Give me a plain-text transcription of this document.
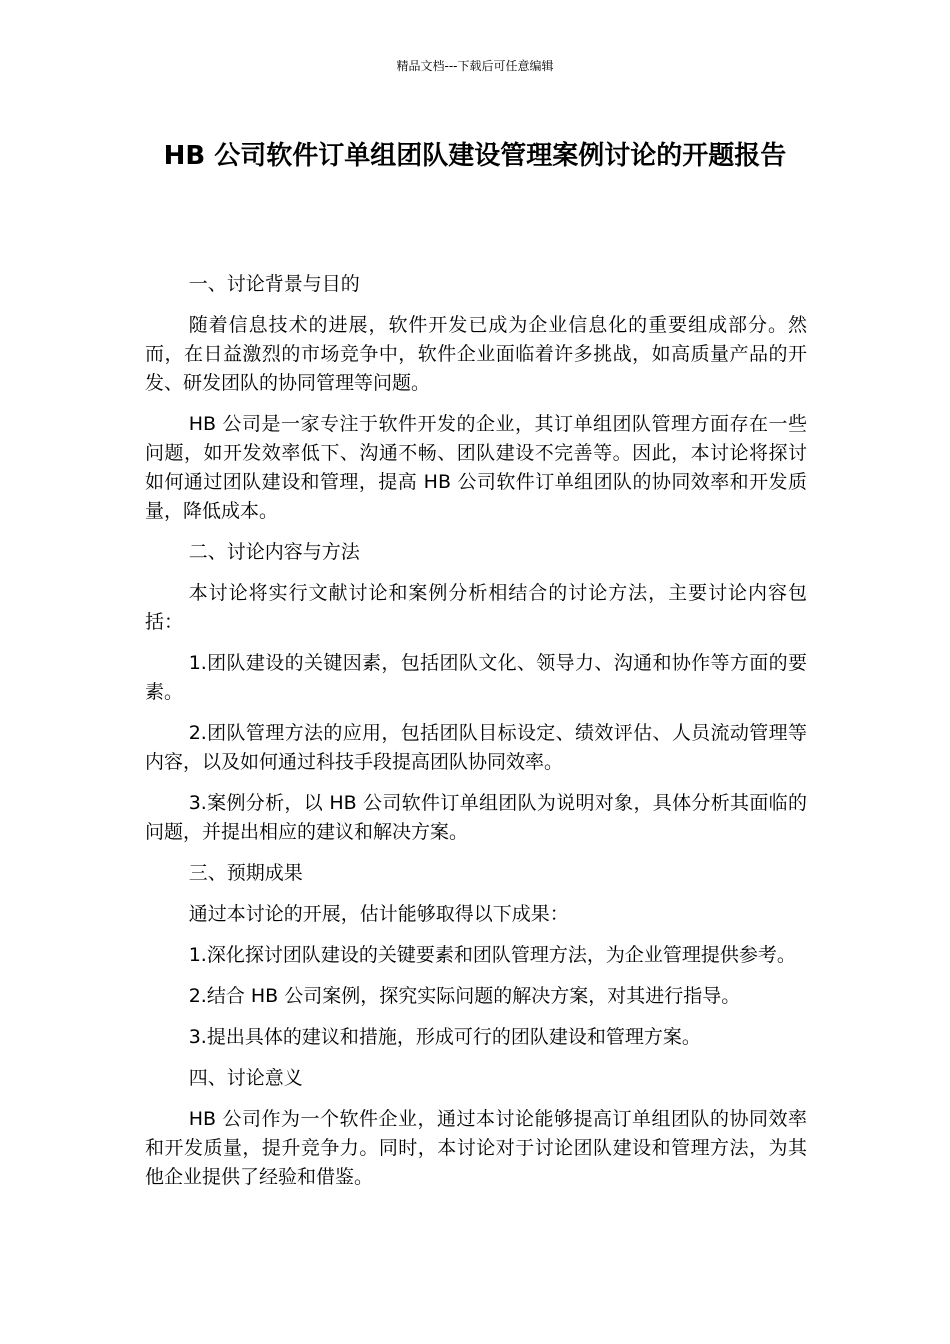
精品文档---下载后可任意编辑
HB 公司软件订单组团队建设管理案例讨论的开题报告

一、讨论背景与目的

随着信息技术的进展，软件开发已成为企业信息化的重要组成部分。然而，在日益激烈的市场竞争中，软件企业面临着许多挑战，如高质量产品的开发、研发团队的协同管理等问题。

HB 公司是一家专注于软件开发的企业，其订单组团队管理方面存在一些问题，如开发效率低下、沟通不畅、团队建设不完善等。因此，本讨论将探讨如何通过团队建设和管理，提高 HB 公司软件订单组团队的协同效率和开发质量，降低成本。

二、讨论内容与方法

本讨论将实行文献讨论和案例分析相结合的讨论方法，主要讨论内容包括：

1.团队建设的关键因素，包括团队文化、领导力、沟通和协作等方面的要素。

2.团队管理方法的应用，包括团队目标设定、绩效评估、人员流动管理等内容，以及如何通过科技手段提高团队协同效率。

3.案例分析，以 HB 公司软件订单组团队为说明对象，具体分析其面临的问题，并提出相应的建议和解决方案。

三、预期成果

通过本讨论的开展，估计能够取得以下成果：

1.深化探讨团队建设的关键要素和团队管理方法，为企业管理提供参考。

2.结合 HB 公司案例，探究实际问题的解决方案，对其进行指导。

3.提出具体的建议和措施，形成可行的团队建设和管理方案。

四、讨论意义

HB 公司作为一个软件企业，通过本讨论能够提高订单组团队的协同效率和开发质量，提升竞争力。同时，本讨论对于讨论团队建设和管理方法，为其他企业提供了经验和借鉴。
